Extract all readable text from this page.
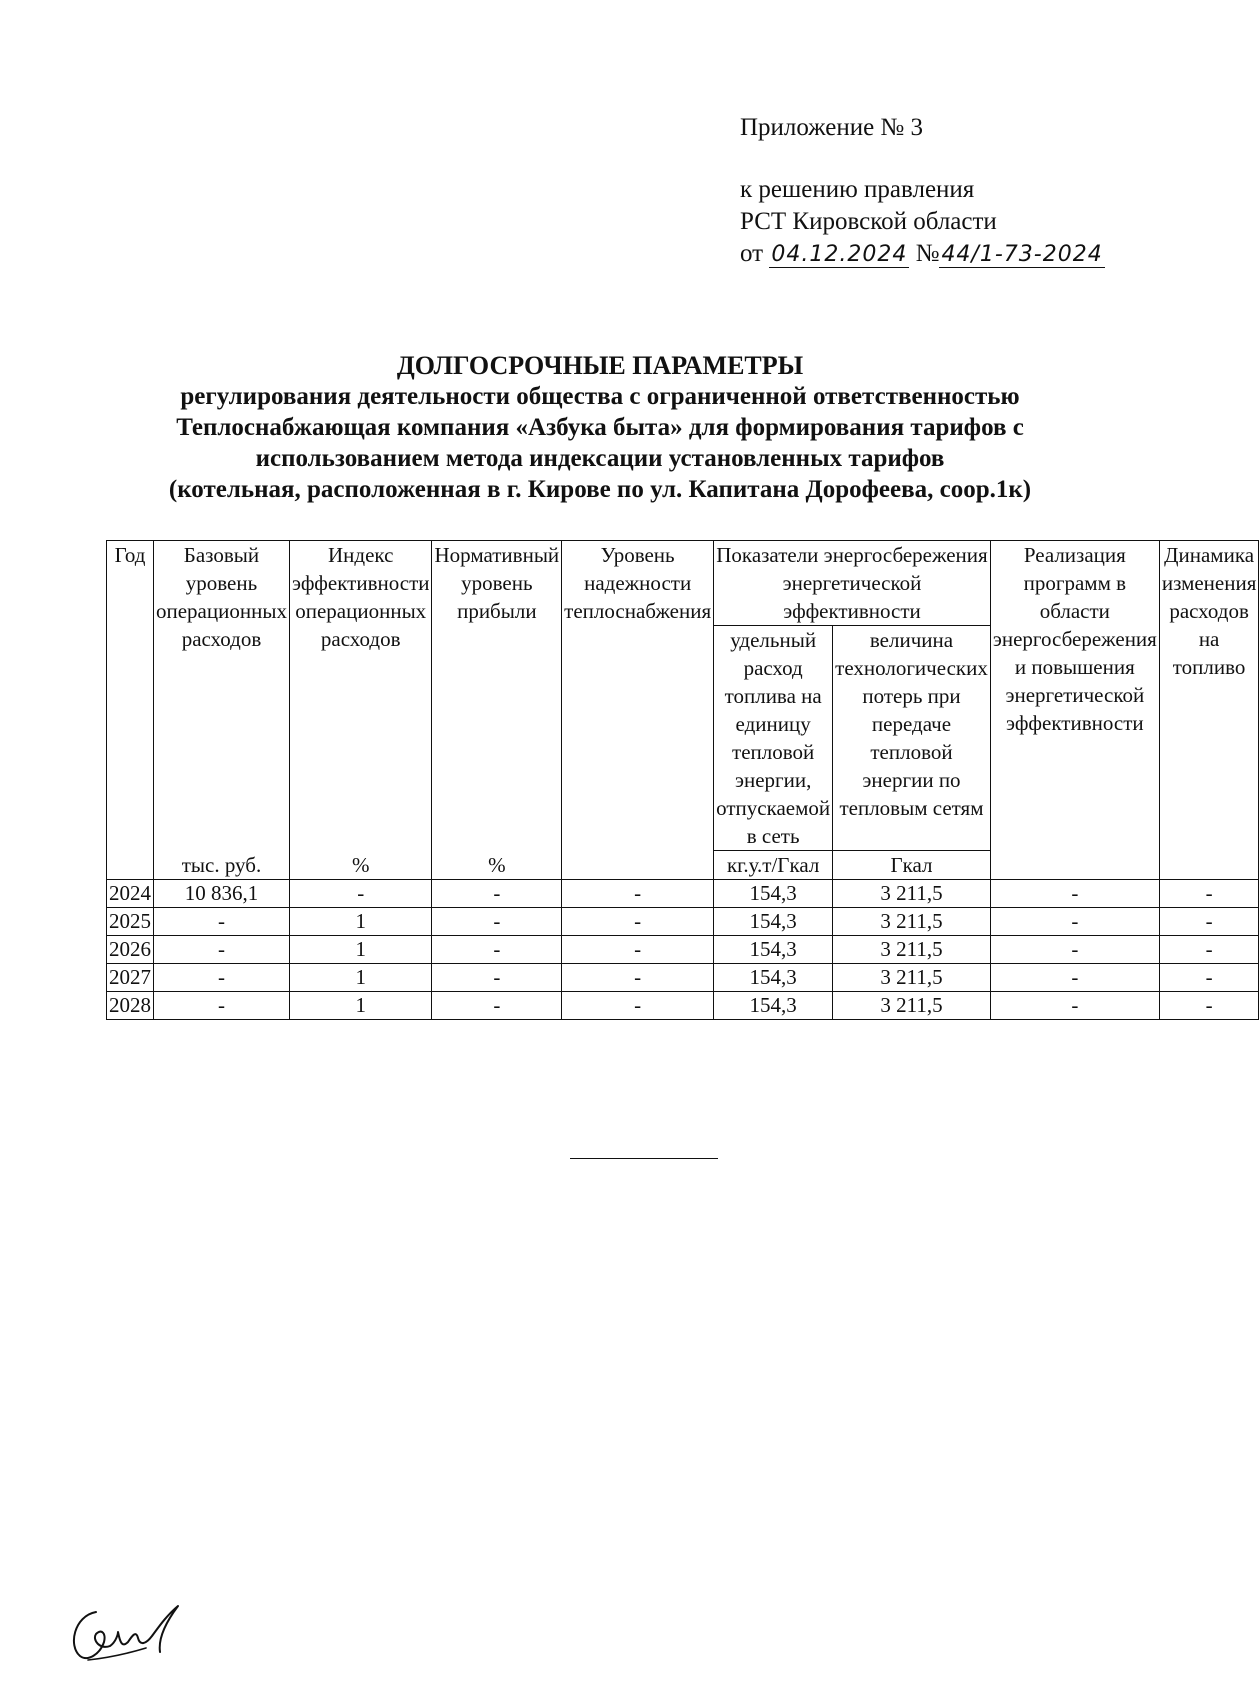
Приложение № 3
к решению правления
РСТ Кировской области
от 04.12.2024 №44/1-73-2024
ДОЛГОСРОЧНЫЕ ПАРАМЕТРЫ
регулирования деятельности общества с ограниченной ответственностью
Теплоснабжающая компания «Азбука быта» для формирования тарифов с
использованием метода индексации установленных тарифов
(котельная, расположенная в г. Кирове по ул. Капитана Дорофеева, соор.1к)
Год	Базовый уровень операционных расходов	Индекс эффективности операционных расходов	Нормативный уровень прибыли	Уровень надежности теплоснабжения	Показатели энергосбережения энергетической эффективности		Реализация программ в области энергосбережения и повышения энергетической эффективности	Динамика изменения расходов на топливо
					удельный расход топлива на единицу тепловой энергии, отпускаемой в сеть	величина технологических потерь при передаче тепловой энергии по тепловым сетям		
	тыс. руб.	%	%		кг.у.т/Гкал	Гкал		
2024	10 836,1	-	-	-	154,3	3 211,5	-	-
2025	-	1	-	-	154,3	3 211,5	-	-
2026	-	1	-	-	154,3	3 211,5	-	-
2027	-	1	-	-	154,3	3 211,5	-	-
2028	-	1	-	-	154,3	3 211,5	-	-
